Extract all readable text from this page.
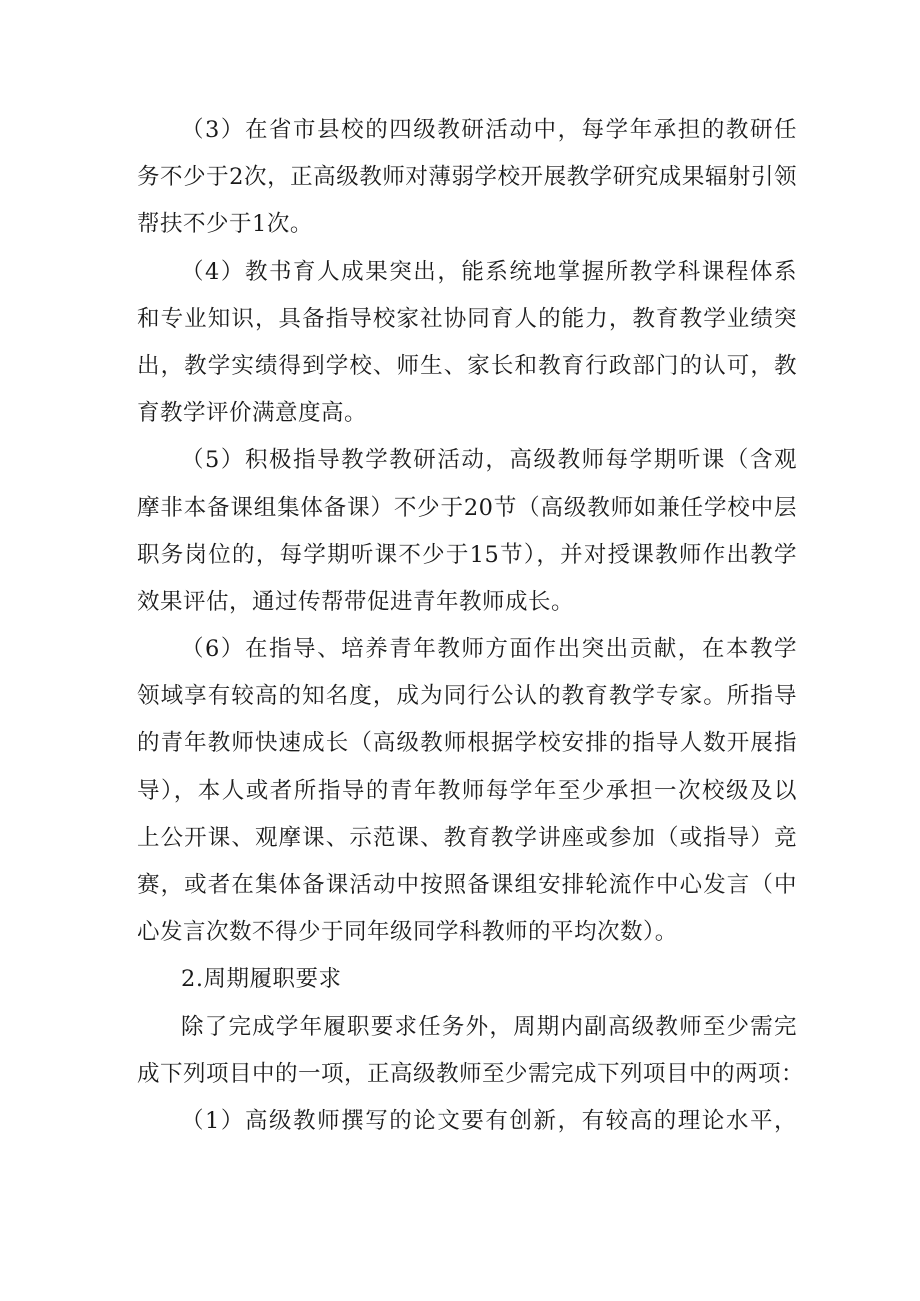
（3）在省市县校的四级教研活动中，每学年承担的教研任
务不少于2次，正高级教师对薄弱学校开展教学研究成果辐射引领
帮扶不少于1次。
（4）教书育人成果突出，能系统地掌握所教学科课程体系
和专业知识，具备指导校家社协同育人的能力，教育教学业绩突
出，教学实绩得到学校、师生、家长和教育行政部门的认可，教
育教学评价满意度高。
（5）积极指导教学教研活动，高级教师每学期听课（含观
摩非本备课组集体备课）不少于20节（高级教师如兼任学校中层
职务岗位的，每学期听课不少于15节），并对授课教师作出教学
效果评估，通过传帮带促进青年教师成长。
（6）在指导、培养青年教师方面作出突出贡献，在本教学
领域享有较高的知名度，成为同行公认的教育教学专家。所指导
的青年教师快速成长（高级教师根据学校安排的指导人数开展指
导），本人或者所指导的青年教师每学年至少承担一次校级及以
上公开课、观摩课、示范课、教育教学讲座或参加（或指导）竞
赛，或者在集体备课活动中按照备课组安排轮流作中心发言（中
心发言次数不得少于同年级同学科教师的平均次数）。
2.周期履职要求
除了完成学年履职要求任务外，周期内副高级教师至少需完
成下列项目中的一项，正高级教师至少需完成下列项目中的两项：
（1）高级教师撰写的论文要有创新，有较高的理论水平，
